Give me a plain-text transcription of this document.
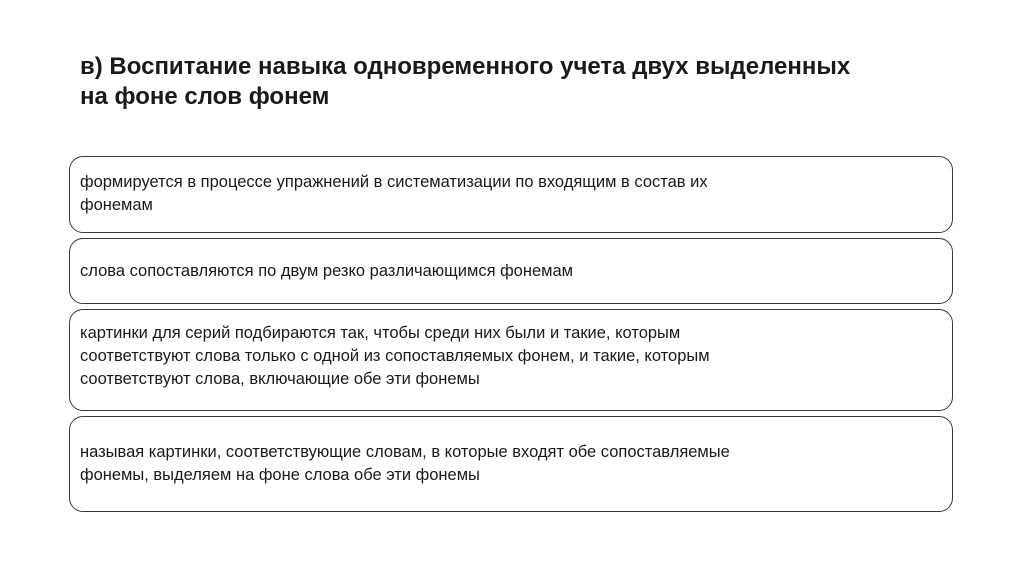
в) Воспитание навыка одновременного учета двух выделенных
на фоне слов фонем

формируется в процессе упражнений в систематизации по входящим в состав их
фонемам

слова сопоставляются по двум резко различающимся фонемам

картинки для серий подбираются так, чтобы среди них были и такие, которым
соответствуют слова только с одной из сопоставляемых фонем, и такие, которым
соответствуют слова, включающие обе эти фонемы

называя картинки, соответствующие словам, в которые входят обе сопоставляемые
фонемы, выделяем на фоне слова обе эти фонемы
